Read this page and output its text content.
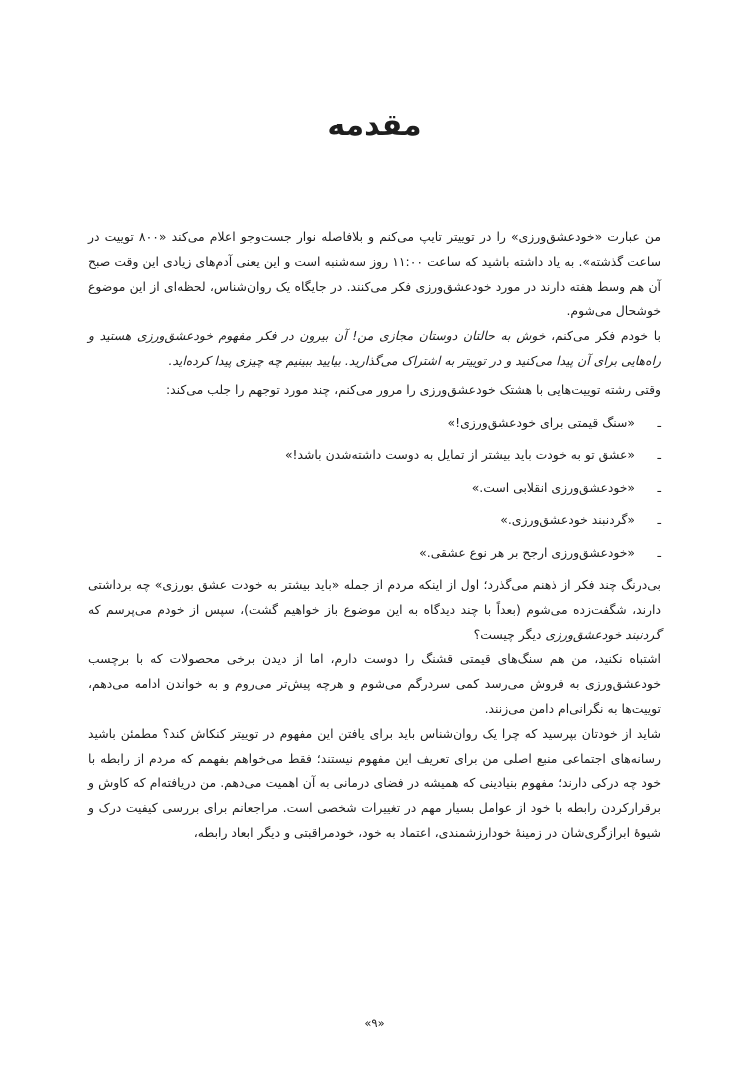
مقدمه

من عبارت «خودعشق‌ورزی» را در توییتر تایپ می‌کنم و بلافاصله نوار جست‌وجو اعلام می‌کند «۸۰۰ توییت در ساعت گذشته». به یاد داشته باشید که ساعت ۱۱:۰۰ روز سه‌شنبه است و این یعنی آدم‌های زیادی این وقت صبح آن هم وسط هفته دارند در مورد خودعشق‌ورزی فکر می‌کنند. در جایگاه یک روان‌شناس، لحظه‌ای از این موضوع خوشحال می‌شوم.

با خودم فکر می‌کنم، خوش به حالتان دوستان مجازی من! آن بیرون در فکر مفهوم خودعشق‌ورزی هستید و راه‌هایی برای آن پیدا می‌کنید و در توییتر به اشتراک می‌گذارید. بیایید ببینیم چه چیزی پیدا کرده‌اید.

وقتی رشته توییت‌هایی با هشتک خودعشق‌ورزی را مرور می‌کنم، چند مورد توجهم را جلب می‌کند:

ـ
«سنگ قیمتی برای خودعشق‌ورزی!»
ـ
«عشق تو به خودت باید بیشتر از تمایل به دوست داشته‌شدن باشد!»
ـ
«خودعشق‌ورزی انقلابی است.»
ـ
«گردنبند خودعشق‌ورزی.»
ـ
«خودعشق‌ورزی ارجح بر هر نوع عشقی.»

بی‌درنگ چند فکر از ذهنم می‌گذرد؛ اول از اینکه مردم از جمله «باید بیشتر به خودت عشق بورزی» چه برداشتی دارند، شگفت‌زده می‌شوم (بعداً با چند دیدگاه به این موضوع باز خواهیم گشت)، سپس از خودم می‌پرسم که گردنبند خودعشق‌ورزی دیگر چیست؟

اشتباه نکنید، من هم سنگ‌های قیمتی قشنگ را دوست دارم، اما از دیدن برخی محصولات که با برچسب خودعشق‌ورزی به فروش می‌رسد کمی سردرگم می‌شوم و هرچه پیش‌تر می‌روم و به خواندن ادامه می‌دهم، توییت‌ها به نگرانی‌ام دامن می‌زنند.

شاید از خودتان بپرسید که چرا یک روان‌شناس باید برای یافتن این مفهوم در توییتر کنکاش کند؟ مطمئن باشید رسانه‌های اجتماعی منبع اصلی من برای تعریف این مفهوم نیستند؛ فقط می‌خواهم بفهمم که مردم از رابطه با خود چه درکی دارند؛ مفهوم بنیادینی که همیشه در فضای درمانی به آن اهمیت می‌دهم. من دریافته‌ام که کاوش و برقرارکردن رابطه با خود از عوامل بسیار مهم در تغییرات شخصی است. مراجعانم برای بررسی کیفیت درک و شیوهٔ ابرازگری‌شان در زمینهٔ خودارزشمندی، اعتماد به خود، خودمراقبتی و دیگر ابعاد رابطه،

«۹»
